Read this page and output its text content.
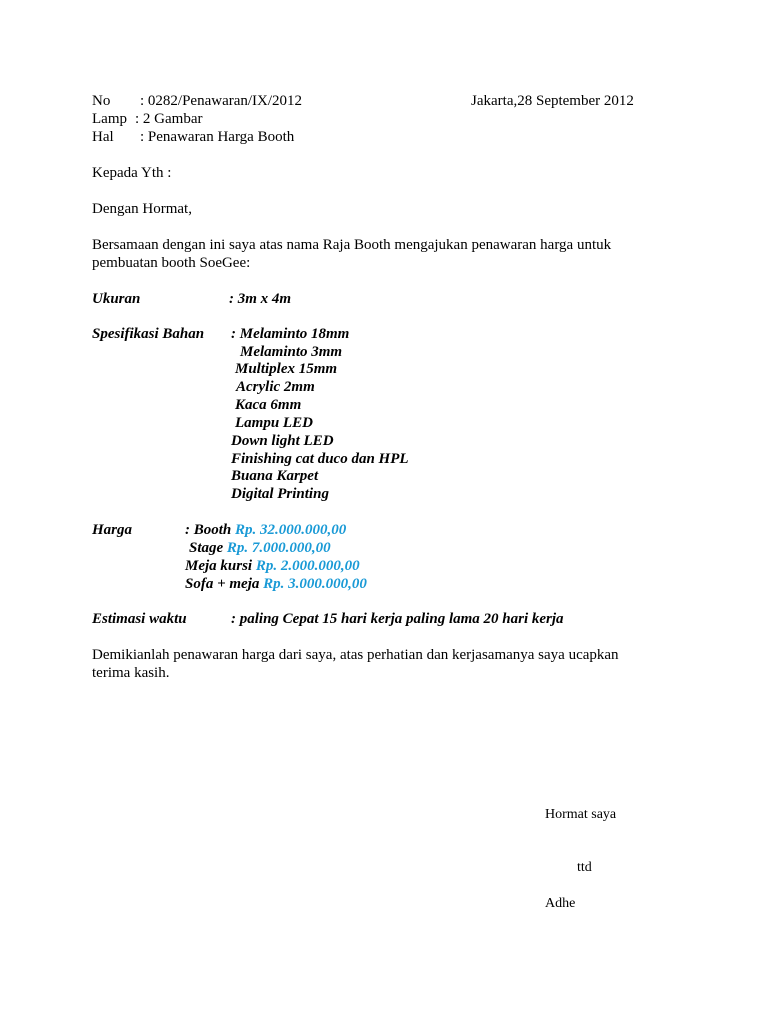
No : 0282/Penawaran/IX/2012	Jakarta,28 September 2012
Lamp : 2 Gambar
Hal : Penawaran Harga Booth
Kepada Yth :
Dengan Hormat,
Bersamaan dengan ini saya atas nama Raja Booth mengajukan penawaran harga untuk
pembuatan booth SoeGee:
Ukuran	: 3m x 4m
Spesifikasi Bahan : Melaminto 18mm
Melaminto 3mm
Multiplex 15mm
Acrylic 2mm
Kaca 6mm
Lampu LED
Down light LED
Finishing cat duco dan HPL
Buana Karpet
Digital Printing
Harga	: Booth Rp. 32.000.000,00
Stage Rp. 7.000.000,00
Meja kursi Rp. 2.000.000,00
Sofa + meja Rp. 3.000.000,00
Estimasi waktu	: paling Cepat 15 hari kerja paling lama 20 hari kerja
Demikianlah penawaran harga dari saya, atas perhatian dan kerjasamanya saya ucapkan
terima kasih.
Hormat saya
ttd
Adhe
